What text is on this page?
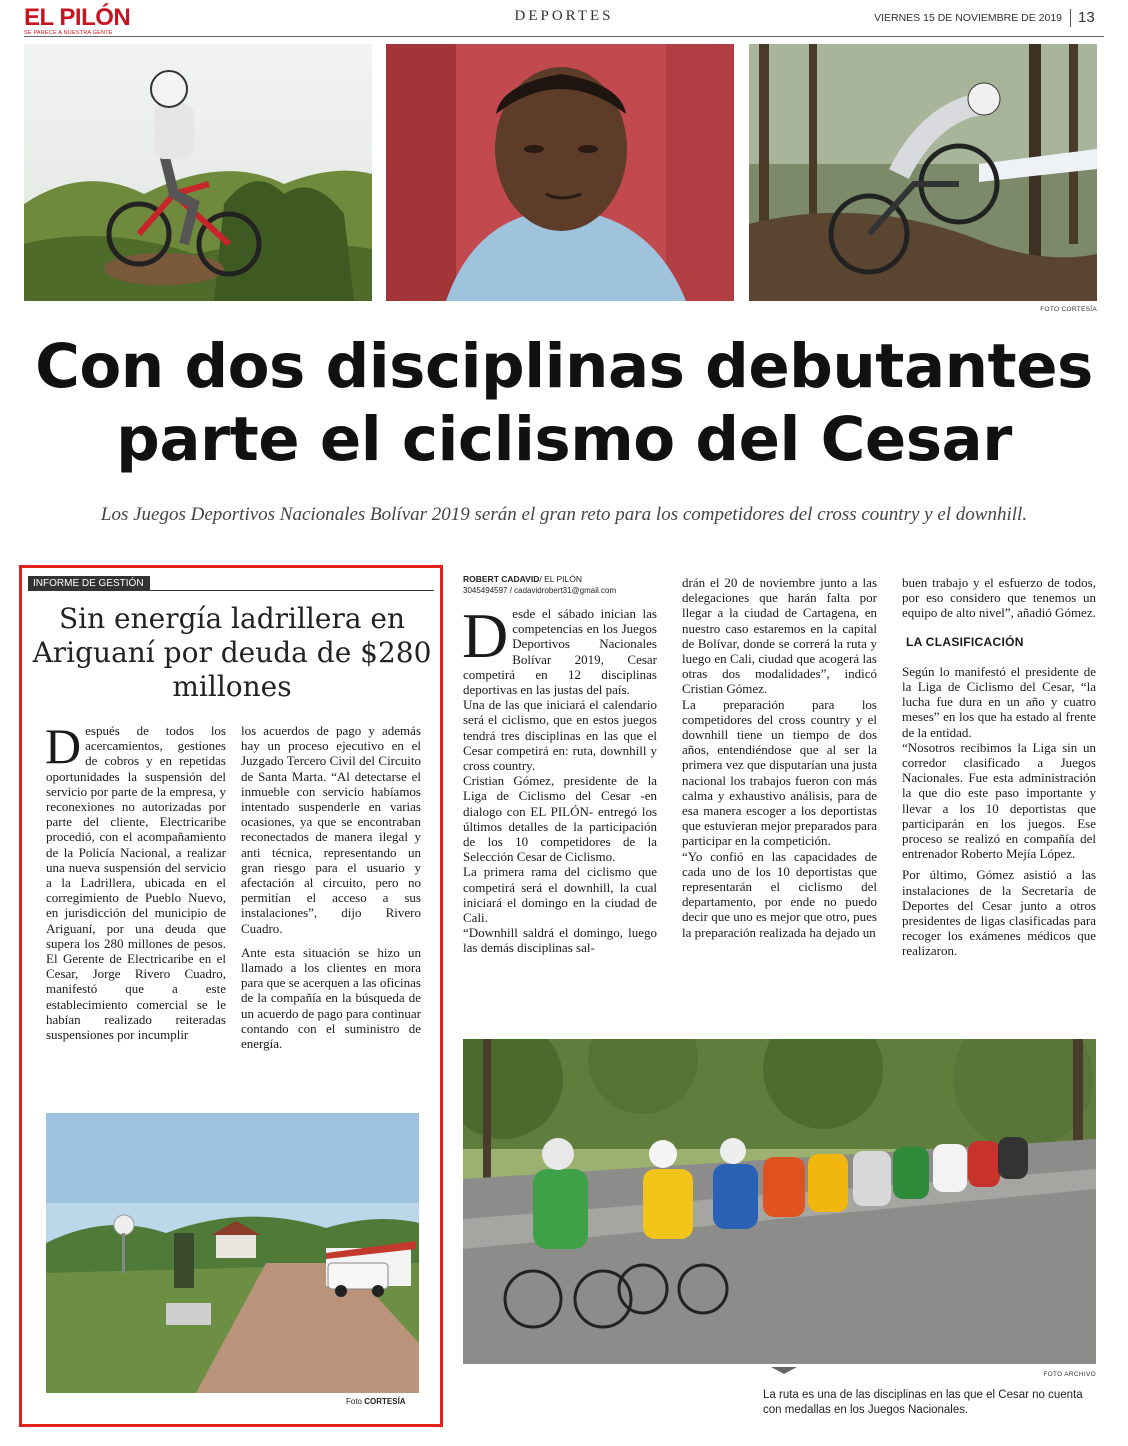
EL PILÓN
SE PARECE A NUESTRA GENTE
DEPORTES	VIERNES 15 DE NOVIEMBRE DE 2019	13
FOTO CORTESÍA
Con dos disciplinas debutantes
parte el ciclismo del Cesar
Los Juegos Deportivos Nacionales Bolívar 2019 serán el gran reto para los competidores del cross country y el downhill.
INFORME DE GESTIÓN
Sin energía ladrillera en Ariguaní por deuda de $280 millones

Después de todos los acercamientos, gestiones de cobros y en repetidas oportunidades la suspensión del servicio por parte de la empresa, y reconexiones no autorizadas por parte del cliente, Electricaribe procedió, con el acompañamiento de la Policía Nacional, a realizar una nueva suspensión del servicio a la Ladrillera, ubicada en el corregimiento de Pueblo Nuevo, en jurisdicción del municipio de Ariguaní, por una deuda que supera los 280 millones de pesos. El Gerente de Electricaribe en el Cesar, Jorge Rivero Cuadro, manifestó que a este establecimiento comercial se le habían realizado reiteradas suspensiones por incumplir

los acuerdos de pago y además hay un proceso ejecutivo en el Juzgado Tercero Civil del Circuito de Santa Marta. “Al detectarse el inmueble con servicio habíamos intentado suspenderle en varias ocasiones, ya que se encontraban reconectados de manera ilegal y anti técnica, representando un gran riesgo para el usuario y afectación al circuito, pero no permitían el acceso a sus instalaciones”, dijo Rivero Cuadro.

Ante esta situación se hizo un llamado a los clientes en mora para que se acerquen a las oficinas de la compañía en la búsqueda de un acuerdo de pago para continuar contando con el suministro de energía.

Foto CORTESÍA
ROBERT CADAVID/ EL PILÓN
3045494597 / cadavidrobert31@gmail.com

Desde el sábado inician las competencias en los Juegos Deportivos Nacionales Bolívar 2019, Cesar competirá en 12 disciplinas deportivas en las justas del país.

Una de las que iniciará el calendario será el ciclismo, que en estos juegos tendrá tres disciplinas en las que el Cesar competirá en: ruta, downhill y cross country.

Cristian Gómez, presidente de la Liga de Ciclismo del Cesar -en dialogo con EL PILÓN- entregó los últimos detalles de la participación de los 10 competidores de la Selección Cesar de Ciclismo.

La primera rama del ciclismo que competirá será el downhill, la cual iniciará el domingo en la ciudad de Cali.

“Downhill saldrá el domingo, luego las demás disciplinas sal-

drán el 20 de noviembre junto a las delegaciones que harán falta por llegar a la ciudad de Cartagena, en nuestro caso estaremos en la capital de Bolívar, donde se correrá la ruta y luego en Cali, ciudad que acogerá las otras dos modalidades”, indicó Cristian Gómez.

La preparación para los competidores del cross country y el downhill tiene un tiempo de dos años, entendiéndose que al ser la primera vez que disputarían una justa nacional los trabajos fueron con más calma y exhaustivo análisis, para de esa manera escoger a los deportistas que estuvieran mejor preparados para participar en la competición.

“Yo confió en las capacidades de cada uno de los 10 deportistas que representarán el ciclismo del departamento, por ende no puedo decir que uno es mejor que otro, pues la preparación realizada ha dejado un

buen trabajo y el esfuerzo de todos, por eso considero que tenemos un equipo de alto nivel”, añadió Gómez.

LA CLASIFICACIÓN

Según lo manifestó el presidente de la Liga de Ciclismo del Cesar, “la lucha fue dura en un año y cuatro meses” en los que ha estado al frente de la entidad.

“Nosotros recibimos la Liga sin un corredor clasificado a Juegos Nacionales. Fue esta administración la que dio este paso importante y llevar a los 10 deportistas que participarán en los juegos. Ese proceso se realizó en compañía del entrenador Roberto Mejía López.

Por último, Gómez asistió a las instalaciones de la Secretaría de Deportes del Cesar junto a otros presidentes de ligas clasificadas para recoger los exámenes médicos que realizaron.

FOTO ARCHIVO
La ruta es una de las disciplinas en las que el Cesar no cuenta con medallas en los Juegos Nacionales.
